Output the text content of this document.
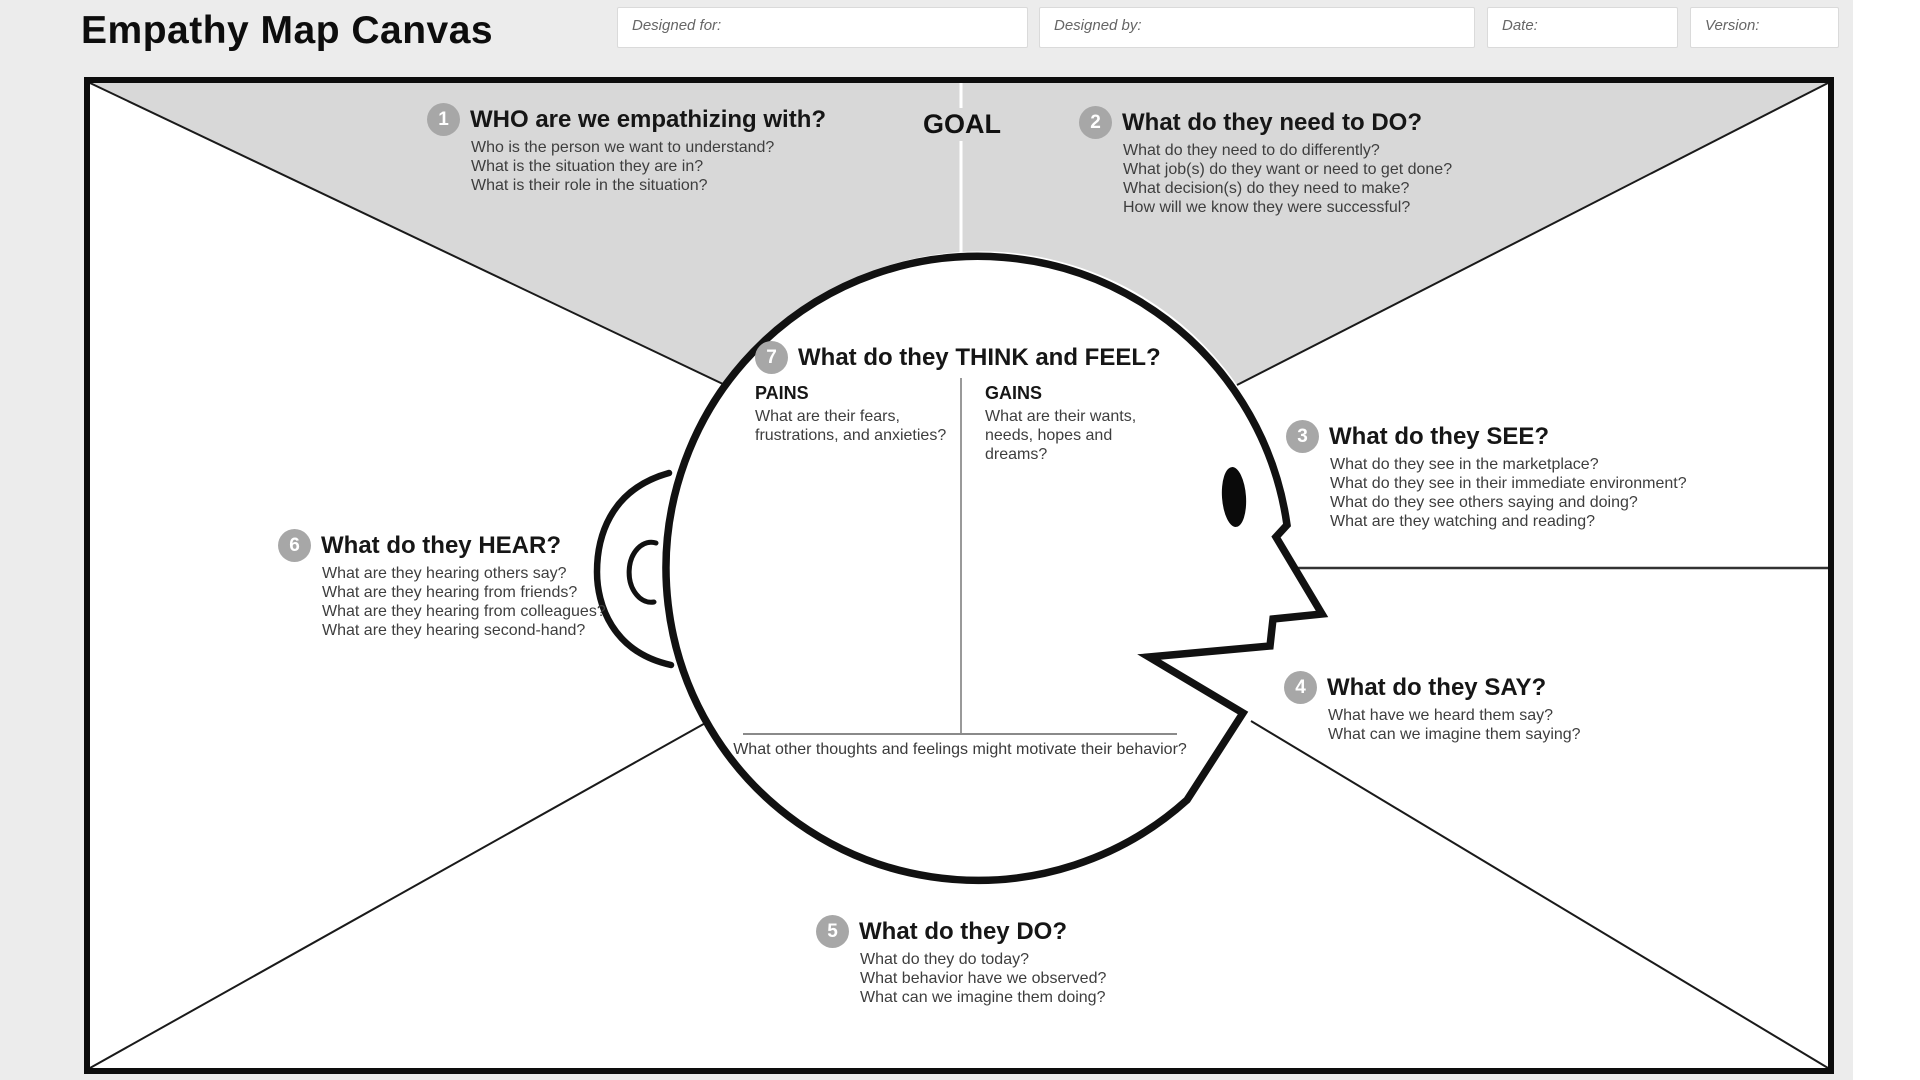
Empathy Map Canvas	Designed for:	Designed by:	Date:	Version:
GOAL
1 WHO are we empathizing with?
Who is the person we want to understand?
What is the situation they are in?
What is their role in the situation?
2 What do they need to DO?
What do they need to do differently?
What job(s) do they want or need to get done?
What decision(s) do they need to make?
How will we know they were successful?
3 What do they SEE?
What do they see in the marketplace?
What do they see in their immediate environment?
What do they see others saying and doing?
What are they watching and reading?
4 What do they SAY?
What have we heard them say?
What can we imagine them saying?
5 What do they DO?
What do they do today?
What behavior have we observed?
What can we imagine them doing?
6 What do they HEAR?
What are they hearing others say?
What are they hearing from friends?
What are they hearing from colleagues?
What are they hearing second-hand?
7 What do they THINK and FEEL?
PAINS
What are their fears, frustrations, and anxieties?
GAINS
What are their wants, needs, hopes and dreams?
What other thoughts and feelings might motivate their behavior?
